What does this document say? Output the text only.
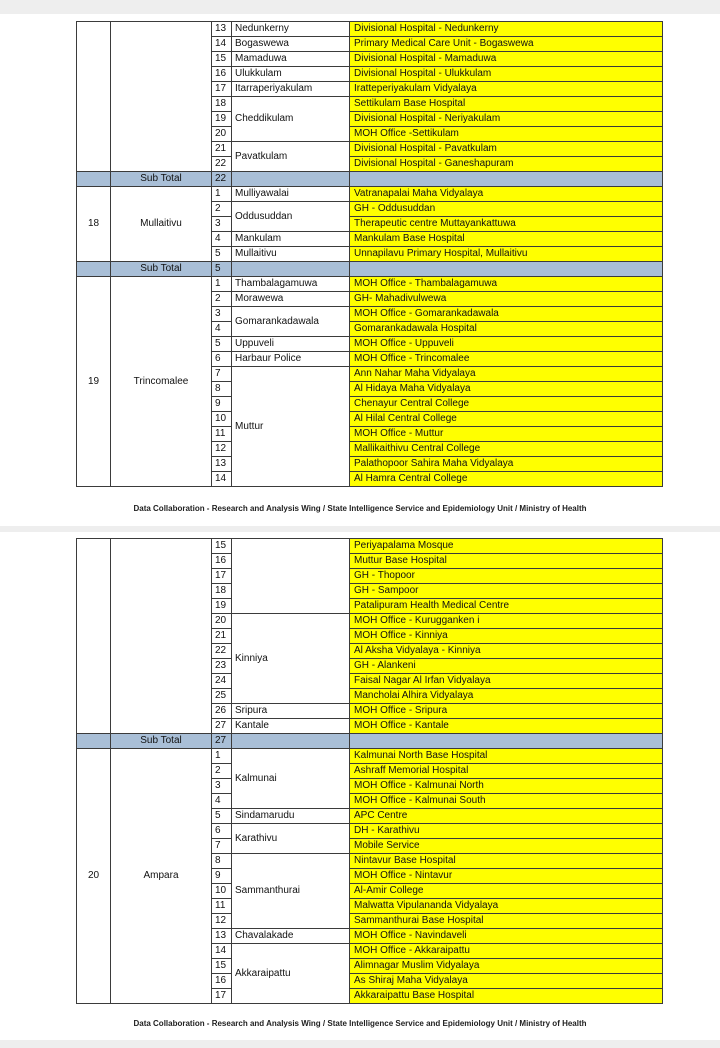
		13	Nedunkerny	Divisional Hospital - Nedunkerny
		14	Bogaswewa	Primary Medical Care Unit - Bogaswewa
		15	Mamaduwa	Divisional Hospital - Mamaduwa
		16	Ulukkulam	Divisional Hospital - Ulukkulam
		17	Itarraperiyakulam	Iratteperiyakulam Vidyalaya
		18	Cheddikulam	Settikulam Base Hospital
		19		Divisional Hospital - Neriyakulam
		20		MOH Office -Settikulam
		21	Pavatkulam	Divisional Hospital - Pavatkulam
		22		Divisional Hospital - Ganeshapuram
	Sub Total	22		
18	Mullaitivu	1	Mulliyawalai	Vatranapalai Maha Vidyalaya
		2	Oddusuddan	GH - Oddusuddan
		3		Therapeutic centre Muttayankattuwa
		4	Mankulam	Mankulam Base Hospital
		5	Mullaitivu	Unnapilavu Primary Hospital, Mullaitivu
	Sub Total	5		
19	Trincomalee	1	Thambalagamuwa	MOH Office - Thambalagamuwa
		2	Morawewa	GH- Mahadivulwewa
		3	Gomarankadawala	MOH Office - Gomarankadawala
		4		Gomarankadawala Hospital
		5	Uppuveli	MOH Office - Uppuveli
		6	Harbaur Police	MOH Office - Trincomalee
		7	Muttur	Ann Nahar Maha Vidyalaya
		8		Al Hidaya Maha Vidyalaya
		9		Chenayur Central College
		10		Al Hilal Central College
		11		MOH Office - Muttur
		12		Mallikaithivu Central College
		13		Palathopoor Sahira Maha Vidyalaya
		14		Al Hamra Central College
Data Collaboration - Research and Analysis Wing / State Intelligence Service and Epidemiology Unit / Ministry of Health
		15		Periyapalama Mosque
		16		Muttur Base Hospital
		17		GH - Thopoor
		18		GH - Sampoor
		19		Patalipuram Health Medical Centre
		20	Kinniya	MOH Office - Kurugganken i
		21		MOH Office - Kinniya
		22		Al Aksha Vidyalaya - Kinniya
		23		GH - Alankeni
		24		Faisal Nagar Al Irfan Vidyalaya
		25		Mancholai Alhira Vidyalaya
		26	Sripura	MOH Office - Sripura
		27	Kantale	MOH Office - Kantale
	Sub Total	27		
20	Ampara	1	Kalmunai	Kalmunai North Base Hospital
		2		Ashraff Memorial Hospital
		3		MOH Office - Kalmunai North
		4		MOH Office - Kalmunai South
		5	Sindamarudu	APC Centre
		6	Karathivu	DH - Karathivu
		7		Mobile Service
		8	Sammanthurai	Nintavur Base Hospital
		9		MOH Office - Nintavur
		10		Al-Amir College
		11		Malwatta Vipulananda Vidyalaya
		12		Sammanthurai Base Hospital
		13	Chavalakade	MOH Office - Navindaveli
		14	Akkaraipattu	MOH Office - Akkaraipattu
		15		Alimnagar Muslim Vidyalaya
		16		As Shiraj Maha Vidyalaya
		17		Akkaraipattu Base Hospital
Data Collaboration - Research and Analysis Wing / State Intelligence Service and Epidemiology Unit / Ministry of Health
